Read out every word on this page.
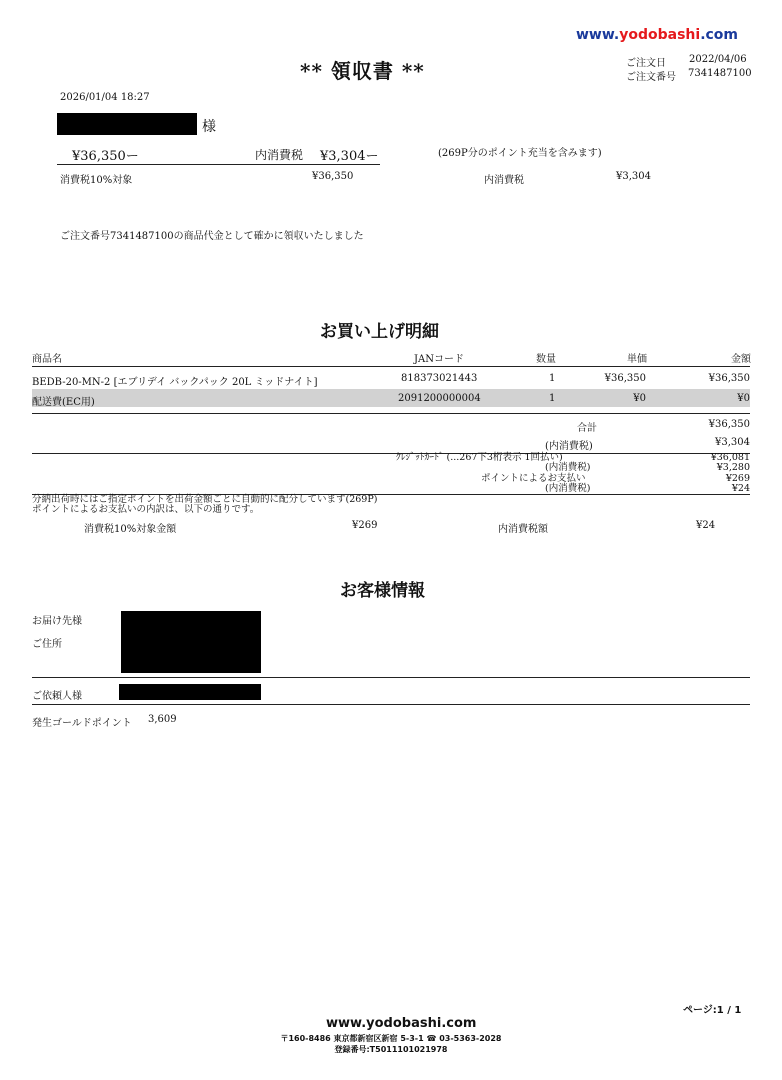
www.yodobashi.com
** 領収書 **	ご注文日 2022/04/06
ご注文番号 7341487100
2026/01/04 18:27
様
¥36,350ー	内消費税 ¥3,304ー	(269P分のポイント充当を含みます)
消費税10%対象	¥36,350	内消費税	¥3,304
ご注文番号7341487100の商品代金として確かに領収いたしました
お買い上げ明細
商品名	JANコード	数量	単価	金額
BEDB-20-MN-2 [エブリデイ バックパック 20L ミッドナイト]	818373021443	1	¥36,350	¥36,350
配送費(EC用)	2091200000004	1	¥0	¥0
合計	¥36,350
(内消費税)	¥3,304
ｸﾚｼﾞｯﾄｶｰﾄﾞ (...267下3桁表示 1回払い)	¥36,081
(内消費税)	¥3,280
ポイントによるお支払い	¥269
(内消費税)	¥24
分納出荷時にはご指定ポイントを出荷金額ごとに自動的に配分しています(269P)
ポイントによるお支払いの内訳は、以下の通りです。
消費税10%対象金額	¥269	内消費税額	¥24
お客様情報
お届け先様
ご住所
ご依頼人様
発生ゴールドポイント 3,609
ページ:1 / 1
www.yodobashi.com
〒160-8486 東京都新宿区新宿 5-3-1 ☎ 03-5363-2028
登録番号:T5011101021978
